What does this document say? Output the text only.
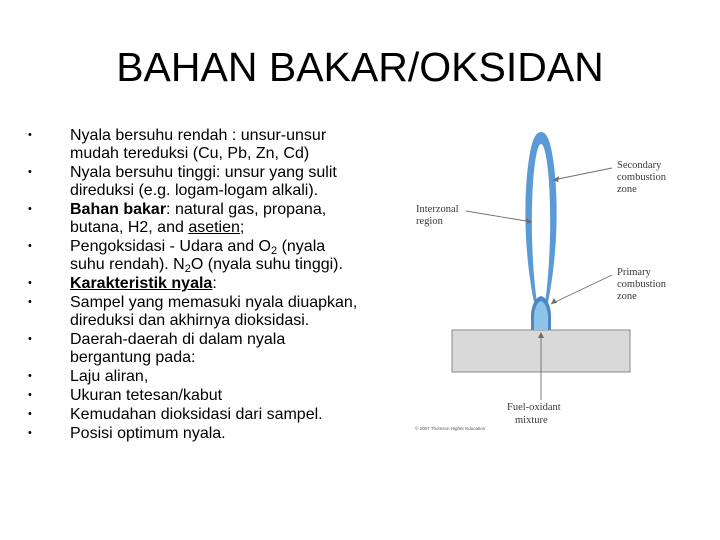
BAHAN BAKAR/OKSIDAN
• Nyala bersuhu rendah : unsur-unsur
mudah tereduksi (Cu, Pb, Zn, Cd)
• Nyala bersuhu tinggi: unsur yang sulit
direduksi (e.g. logam-logam alkali).
• Bahan bakar: natural gas, propana,
butana, H2, and asetien;
• Pengoksidasi - Udara and $O_2$ (nyala
suhu rendah). $N_2O$ (nyala suhu tinggi).
• Karakteristik nyala:
• Sampel yang memasuki nyala diuapkan,
direduksi dan akhirnya dioksidasi.
• Daerah-daerah di dalam nyala
bergantung pada:
• Laju aliran,
• Ukuran tetesan/kabut
• Kemudahan dioksidasi dari sampel.
• Posisi optimum nyala.
Secondary
combustion
zone
Interzonal
region
Primary
combustion
zone
Fuel-oxidant
mixture
© 2007 Thomson Higher Education
